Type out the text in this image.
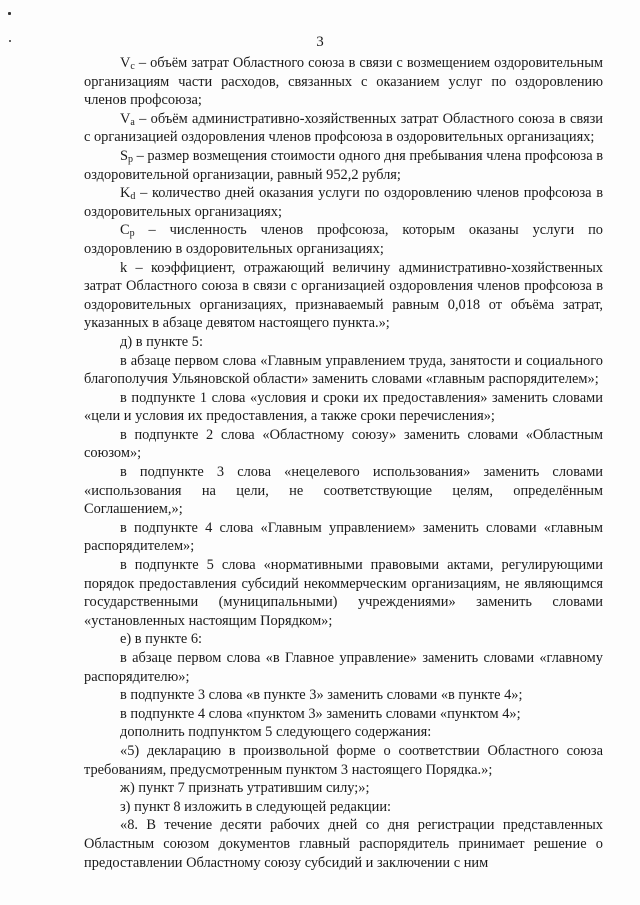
3

$V_c$ – объём затрат Областного союза в связи с возмещением оздоровительным организациям части расходов, связанных с оказанием услуг по оздоровлению членов профсоюза;

$V_a$ – объём административно-хозяйственных затрат Областного союза в связи с организацией оздоровления членов профсоюза в оздоровительных организациях;

$S_p$ – размер возмещения стоимости одного дня пребывания члена профсоюза в оздоровительной организации, равный 952,2 рубля;

$K_d$ – количество дней оказания услуги по оздоровлению членов профсоюза в оздоровительных организациях;

$C_p$ – численность членов профсоюза, которым оказаны услуги по оздоровлению в оздоровительных организациях;

k – коэффициент, отражающий величину административно-хозяйственных затрат Областного союза в связи с организацией оздоровления членов профсоюза в оздоровительных организациях, признаваемый равным 0,018 от объёма затрат, указанных в абзаце девятом настоящего пункта.»;

д) в пункте 5:

в абзаце первом слова «Главным управлением труда, занятости и социального благополучия Ульяновской области» заменить словами «главным распорядителем»;

в подпункте 1 слова «условия и сроки их предоставления» заменить словами «цели и условия их предоставления, а также сроки перечисления»;

в подпункте 2 слова «Областному союзу» заменить словами «Областным союзом»;

в подпункте 3 слова «нецелевого использования» заменить словами «использования на цели, не соответствующие целям, определённым Соглашением,»;

в подпункте 4 слова «Главным управлением» заменить словами «главным распорядителем»;

в подпункте 5 слова «нормативными правовыми актами, регулирующими порядок предоставления субсидий некоммерческим организациям, не являющимся государственными (муниципальными) учреждениями» заменить словами «установленных настоящим Порядком»;

е) в пункте 6:

в абзаце первом слова «в Главное управление» заменить словами «главному распорядителю»;

в подпункте 3 слова «в пункте 3» заменить словами «в пункте 4»;

в подпункте 4 слова «пунктом 3» заменить словами «пунктом 4»;

дополнить подпунктом 5 следующего содержания:

«5) декларацию в произвольной форме о соответствии Областного союза требованиям, предусмотренным пунктом 3 настоящего Порядка.»;

ж) пункт 7 признать утратившим силу;»;

з) пункт 8 изложить в следующей редакции:

«8. В течение десяти рабочих дней со дня регистрации представленных Областным союзом документов главный распорядитель принимает решение о предоставлении Областному союзу субсидий и заключении с ним
